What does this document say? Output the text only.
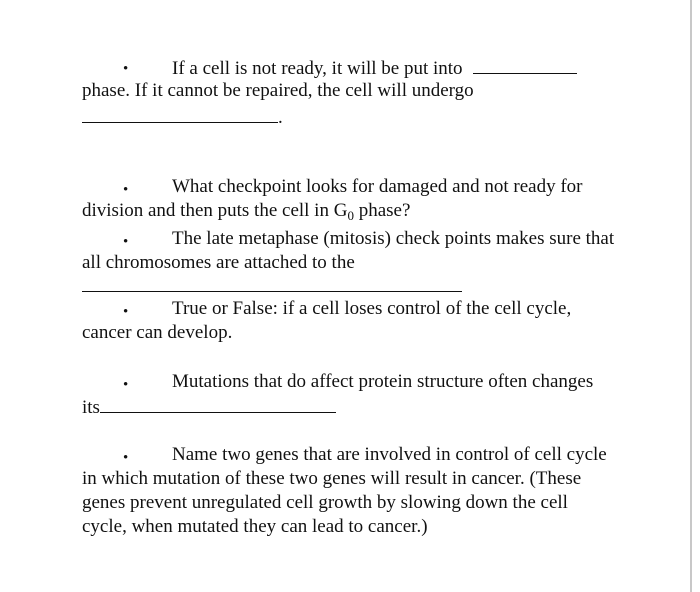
• If a cell is not ready, it will be put into
phase. If it cannot be repaired, the cell will undergo
.
• What checkpoint looks for damaged and not ready for
division and then puts the cell in $G_0$ phase?
• The late metaphase (mitosis) check points makes sure that
all chromosomes are attached to the
• True or False: if a cell loses control of the cell cycle,
cancer can develop.
• Mutations that do affect protein structure often changes
its
• Name two genes that are involved in control of cell cycle
in which mutation of these two genes will result in cancer. (These
genes prevent unregulated cell growth by slowing down the cell
cycle, when mutated they can lead to cancer.)
